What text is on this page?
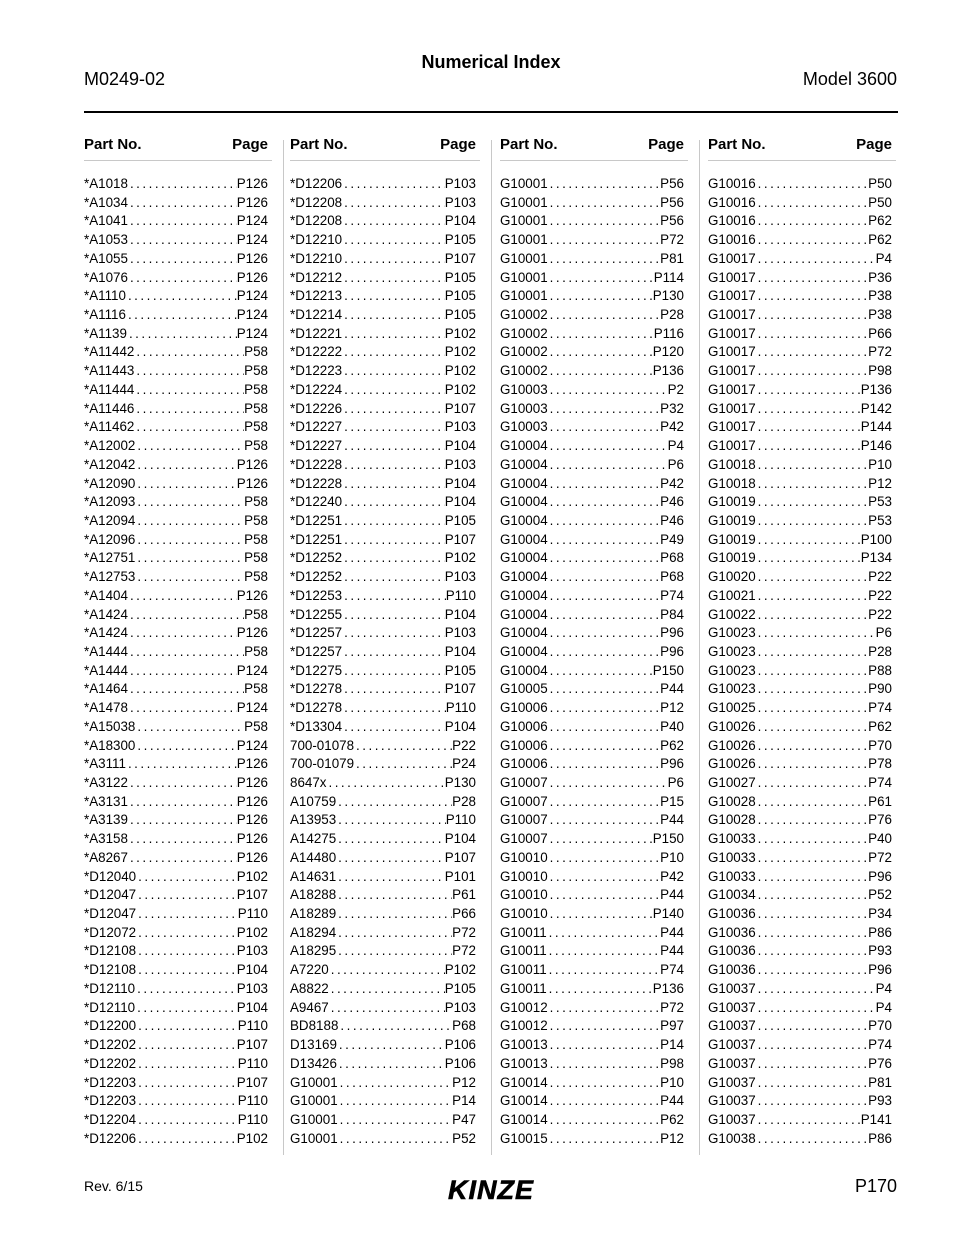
M0249-02
Numerical Index
Model 3600
Part No.	Page
*A1018 .....	P126
*A1034 .....	P126
*A1041 .....	P124
*A1053 .....	P124
*A1055 .....	P126
*A1076 .....	P126
*A1110 .....	P124
*A1116 .....	P124
*A1139 .....	P124
*A11442 .....	P58
*A11443 .....	P58
*A11444 .....	P58
*A11446 .....	P58
*A11462 .....	P58
*A12002 .....	P58
*A12042 .....	P126
*A12090 .....	P126
*A12093 .....	P58
*A12094 .....	P58
*A12096 .....	P58
*A12751 .....	P58
*A12753 .....	P58
*A1404 .....	P126
*A1424 .....	P58
*A1424 .....	P126
*A1444 .....	P58
*A1444 .....	P124
*A1464 .....	P58
*A1478 .....	P124
*A15038 .....	P58
*A18300 .....	P124
*A3111 .....	P126
*A3122 .....	P126
*A3131 .....	P126
*A3139 .....	P126
*A3158 .....	P126
*A8267 .....	P126
*D12040 .....	P102
*D12047 .....	P107
*D12047 .....	P110
*D12072 .....	P102
*D12108 .....	P103
*D12108 .....	P104
*D12110 .....	P103
*D12110 .....	P104
*D12200 .....	P110
*D12202 .....	P107
*D12202 .....	P110
*D12203 .....	P107
*D12203 .....	P110
*D12204 .....	P110
*D12206 .....	P102
Part No.	Page
*D12206 .....	P103
*D12208 .....	P103
*D12208 .....	P104
*D12210 .....	P105
*D12210 .....	P107
*D12212 .....	P105
*D12213 .....	P105
*D12214 .....	P105
*D12221 .....	P102
*D12222 .....	P102
*D12223 .....	P102
*D12224 .....	P102
*D12226 .....	P107
*D12227 .....	P103
*D12227 .....	P104
*D12228 .....	P103
*D12228 .....	P104
*D12240 .....	P104
*D12251 .....	P105
*D12251 .....	P107
*D12252 .....	P102
*D12252 .....	P103
*D12253 .....	P110
*D12255 .....	P104
*D12257 .....	P103
*D12257 .....	P104
*D12275 .....	P105
*D12278 .....	P107
*D12278 .....	P110
*D13304 .....	P104
700-01078 .....	P22
700-01079 .....	P24
8647x .....	P130
A10759 .....	P28
A13953 .....	P110
A14275 .....	P104
A14480 .....	P107
A14631 .....	P101
A18288 .....	P61
A18289 .....	P66
A18294 .....	P72
A18295 .....	P72
A7220 .....	P102
A8822 .....	P105
A9467 .....	P103
BD8188 .....	P68
D13169 .....	P106
D13426 .....	P106
G10001 .....	P12
G10001 .....	P14
G10001 .....	P47
G10001 .....	P52
Part No.	Page
G10001 .....	P56
G10001 .....	P56
G10001 .....	P56
G10001 .....	P72
G10001 .....	P81
G10001 .....	P114
G10001 .....	P130
G10002 .....	P28
G10002 .....	P116
G10002 .....	P120
G10002 .....	P136
G10003 .....	P2
G10003 .....	P32
G10003 .....	P42
G10004 .....	P4
G10004 .....	P6
G10004 .....	P42
G10004 .....	P46
G10004 .....	P46
G10004 .....	P49
G10004 .....	P68
G10004 .....	P68
G10004 .....	P74
G10004 .....	P84
G10004 .....	P96
G10004 .....	P96
G10004 .....	P150
G10005 .....	P44
G10006 .....	P12
G10006 .....	P40
G10006 .....	P62
G10006 .....	P96
G10007 .....	P6
G10007 .....	P15
G10007 .....	P44
G10007 .....	P150
G10010 .....	P10
G10010 .....	P42
G10010 .....	P44
G10010 .....	P140
G10011 .....	P44
G10011 .....	P44
G10011 .....	P74
G10011 .....	P136
G10012 .....	P72
G10012 .....	P97
G10013 .....	P14
G10013 .....	P98
G10014 .....	P10
G10014 .....	P44
G10014 .....	P62
G10015 .....	P12
Part No.	Page
G10016 .....	P50
G10016 .....	P50
G10016 .....	P62
G10016 .....	P62
G10017 .....	P4
G10017 .....	P36
G10017 .....	P38
G10017 .....	P38
G10017 .....	P66
G10017 .....	P72
G10017 .....	P98
G10017 .....	P136
G10017 .....	P142
G10017 .....	P144
G10017 .....	P146
G10018 .....	P10
G10018 .....	P12
G10019 .....	P53
G10019 .....	P53
G10019 .....	P100
G10019 .....	P134
G10020 .....	P22
G10021 .....	P22
G10022 .....	P22
G10023 .....	P6
G10023 .....	P28
G10023 .....	P88
G10023 .....	P90
G10025 .....	P74
G10026 .....	P62
G10026 .....	P70
G10026 .....	P78
G10027 .....	P74
G10028 .....	P61
G10028 .....	P76
G10033 .....	P40
G10033 .....	P72
G10033 .....	P96
G10034 .....	P52
G10036 .....	P34
G10036 .....	P86
G10036 .....	P93
G10036 .....	P96
G10037 .....	P4
G10037 .....	P4
G10037 .....	P70
G10037 .....	P74
G10037 .....	P76
G10037 .....	P81
G10037 .....	P93
G10037 .....	P141
G10038 .....	P86
Rev. 6/15	KINZE	P170
